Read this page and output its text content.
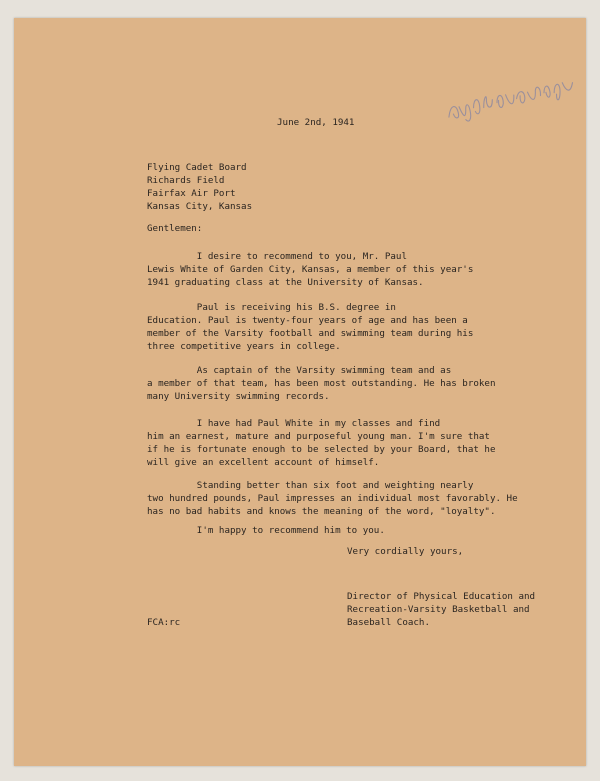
June 2nd, 1941
Flying Cadet Board
Richards Field
Fairfax Air Port
Kansas City, Kansas
Gentlemen:
I desire to recommend to you, Mr. Paul
Lewis White of Garden City, Kansas, a member of this year's
1941 graduating class at the University of Kansas.
Paul is receiving his B.S. degree in
Education. Paul is twenty-four years of age and has been a
member of the Varsity football and swimming team during his
three competitive years in college.
As captain of the Varsity swimming team and as
a member of that team, has been most outstanding. He has broken
many University swimming records.
I have had Paul White in my classes and find
him an earnest, mature and purposeful young man. I'm sure that
if he is fortunate enough to be selected by your Board, that he
will give an excellent account of himself.
Standing better than six foot and weighting nearly
two hundred pounds, Paul impresses an individual most favorably. He
has no bad habits and knows the meaning of the word, "loyalty".
I'm happy to recommend him to you.
Very cordially yours,
Director of Physical Education and
Recreation-Varsity Basketball and
Baseball Coach.
FCA:rc
